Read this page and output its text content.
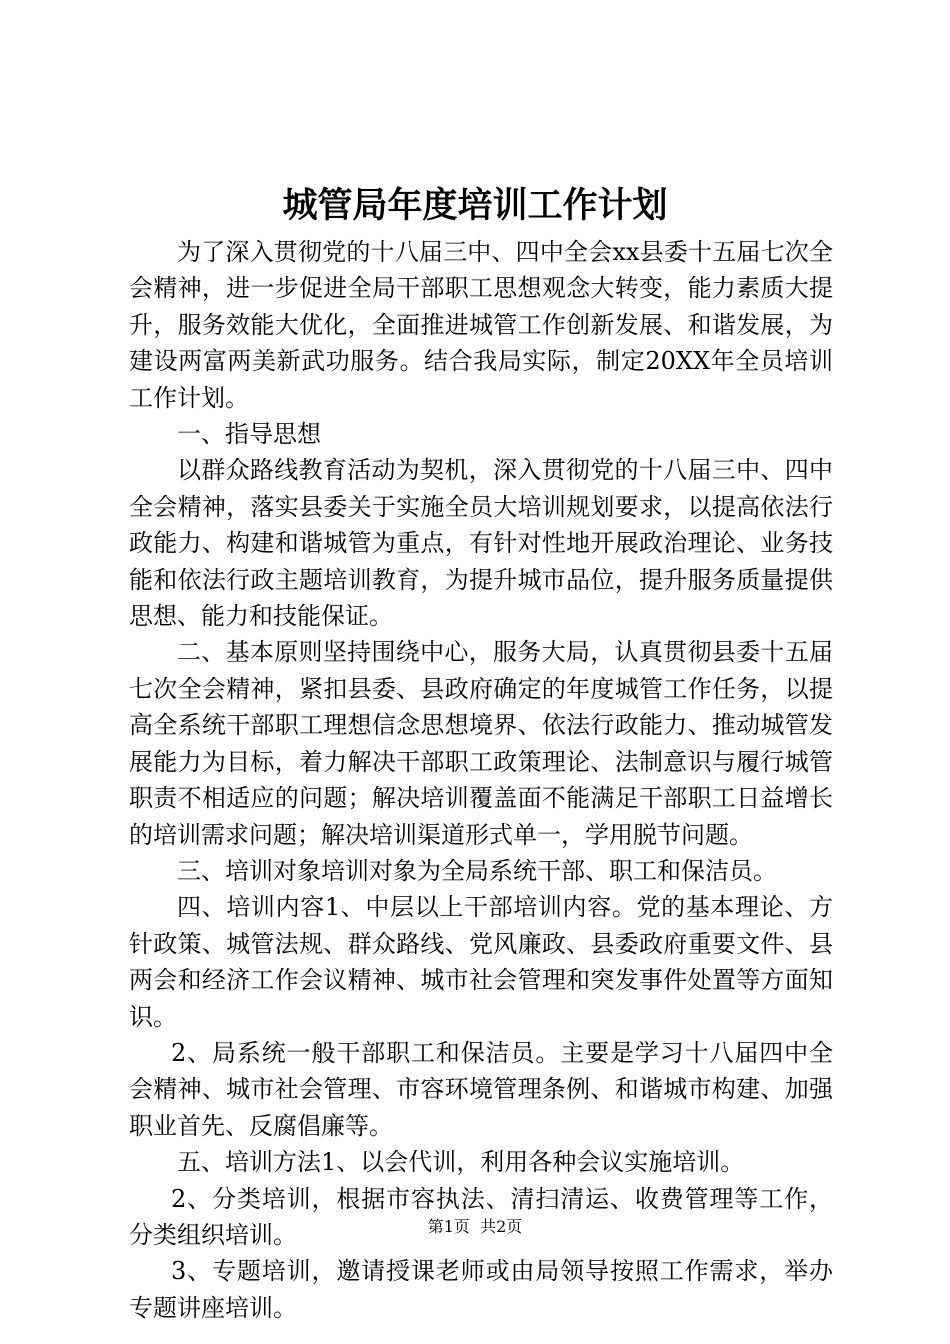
城管局年度培训工作计划

为了深入贯彻党的十八届三中、四中全会xx县委十五届七次全会精神，进一步促进全局干部职工思想观念大转变，能力素质大提升，服务效能大优化，全面推进城管工作创新发展、和谐发展，为建设两富两美新武功服务。结合我局实际，制定20XX年全员培训工作计划。

一、指导思想

以群众路线教育活动为契机，深入贯彻党的十八届三中、四中全会精神，落实县委关于实施全员大培训规划要求，以提高依法行政能力、构建和谐城管为重点，有针对性地开展政治理论、业务技能和依法行政主题培训教育，为提升城市品位，提升服务质量提供思想、能力和技能保证。

二、基本原则坚持围绕中心，服务大局，认真贯彻县委十五届七次全会精神，紧扣县委、县政府确定的年度城管工作任务，以提高全系统干部职工理想信念思想境界、依法行政能力、推动城管发展能力为目标，着力解决干部职工政策理论、法制意识与履行城管职责不相适应的问题；解决培训覆盖面不能满足干部职工日益增长的培训需求问题；解决培训渠道形式单一，学用脱节问题。

三、培训对象培训对象为全局系统干部、职工和保洁员。

四、培训内容1、中层以上干部培训内容。党的基本理论、方针政策、城管法规、群众路线、党风廉政、县委政府重要文件、县两会和经济工作会议精神、城市社会管理和突发事件处置等方面知识。

2、局系统一般干部职工和保洁员。主要是学习十八届四中全会精神、城市社会管理、市容环境管理条例、和谐城市构建、加强职业首先、反腐倡廉等。

五、培训方法1、以会代训，利用各种会议实施培训。

2、分类培训，根据市容执法、清扫清运、收费管理等工作，分类组织培训。

3、专题培训，邀请授课老师或由局领导按照工作需求，举办专题讲座培训。

第1页 共2页
